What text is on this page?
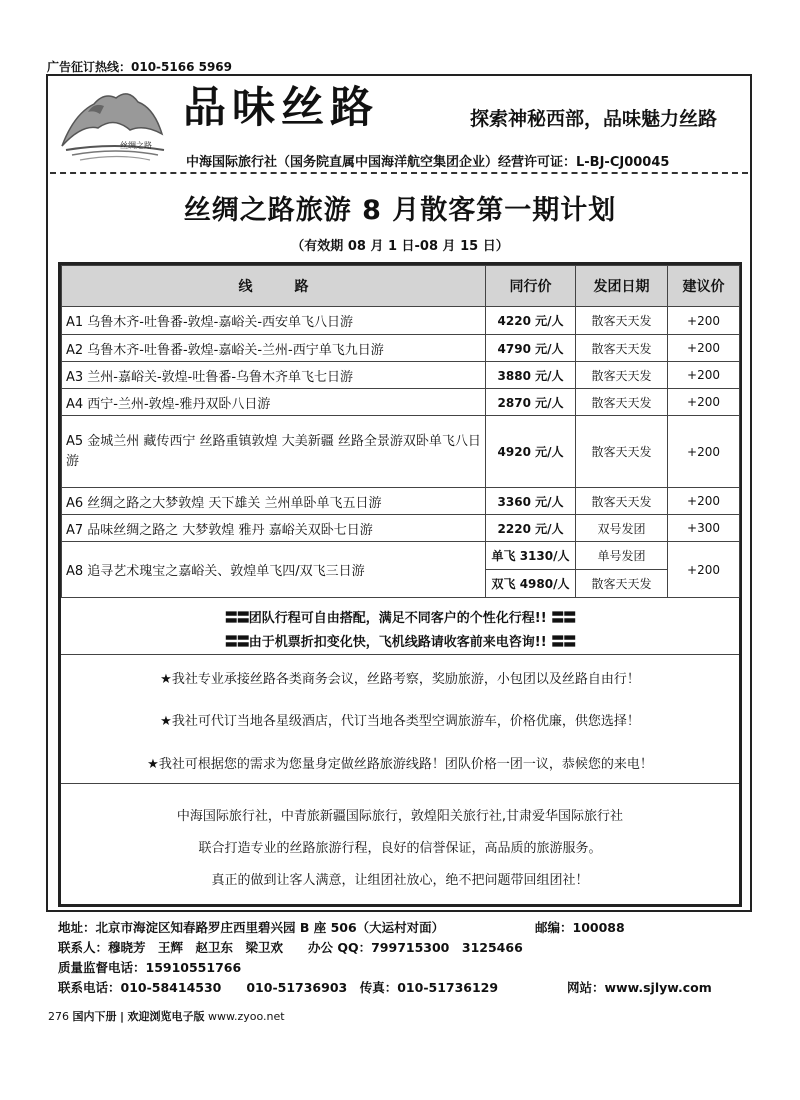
广告征订热线：010-5166 5969
丝绸之路
品味丝路	探索神秘西部，品味魅力丝路
中海国际旅行社（国务院直属中国海洋航空集团企业）经营许可证：L-BJ-CJ00045
丝绸之路旅游 8 月散客第一期计划
（有效期 08 月 1 日-08 月 15 日）
线　　　路	同行价	发团日期	建议价
A1 乌鲁木齐-吐鲁番-敦煌-嘉峪关-西安单飞八日游	4220 元/人	散客天天发	+200
A2 乌鲁木齐-吐鲁番-敦煌-嘉峪关-兰州-西宁单飞九日游	4790 元/人	散客天天发	+200
A3 兰州-嘉峪关-敦煌-吐鲁番-乌鲁木齐单飞七日游	3880 元/人	散客天天发	+200
A4 西宁-兰州-敦煌-雅丹双卧八日游	2870 元/人	散客天天发	+200
A5 金城兰州 藏传西宁 丝路重镇敦煌 大美新疆 丝路全景游双卧单飞八日游	4920 元/人	散客天天发	+200
A6 丝绸之路之大梦敦煌 天下雄关 兰州单卧单飞五日游	3360 元/人	散客天天发	+200
A7 品味丝绸之路之 大梦敦煌 雅丹 嘉峪关双卧七日游	2220 元/人	双号发团	+300
A8 追寻艺术瑰宝之嘉峪关、敦煌单飞四/双飞三日游	单飞 3130/人	单号发团	+200
	双飞 4980/人	散客天天发	
〓〓团队行程可自由搭配，满足不同客户的个性化行程!! 〓〓
〓〓由于机票折扣变化快，飞机线路请收客前来电咨询!! 〓〓
★我社专业承接丝路各类商务会议，丝路考察，奖励旅游，小包团以及丝路自由行！
★我社可代订当地各星级酒店，代订当地各类型空调旅游车，价格优廉，供您选择！
★我社可根据您的需求为您量身定做丝路旅游线路！团队价格一团一议，恭候您的来电！
中海国际旅行社，中青旅新疆国际旅行，敦煌阳关旅行社,甘肃爱华国际旅行社
联合打造专业的丝路旅游行程，良好的信誉保证，高品质的旅游服务。
真正的做到让客人满意，让组团社放心，绝不把问题带回组团社！
地址：北京市海淀区知春路罗庄西里碧兴园 B 座 506（大运村对面）	邮编：100088
联系人：穆晓芳　王辉　赵卫东　梁卫欢　　办公 QQ：799715300　3125466
质量监督电话：15910551766
联系电话：010-58414530　　010-51736903　传真：010-51736129	网站：www.sjlyw.com
276 国内下册 | 欢迎浏览电子版 www.zyoo.net
